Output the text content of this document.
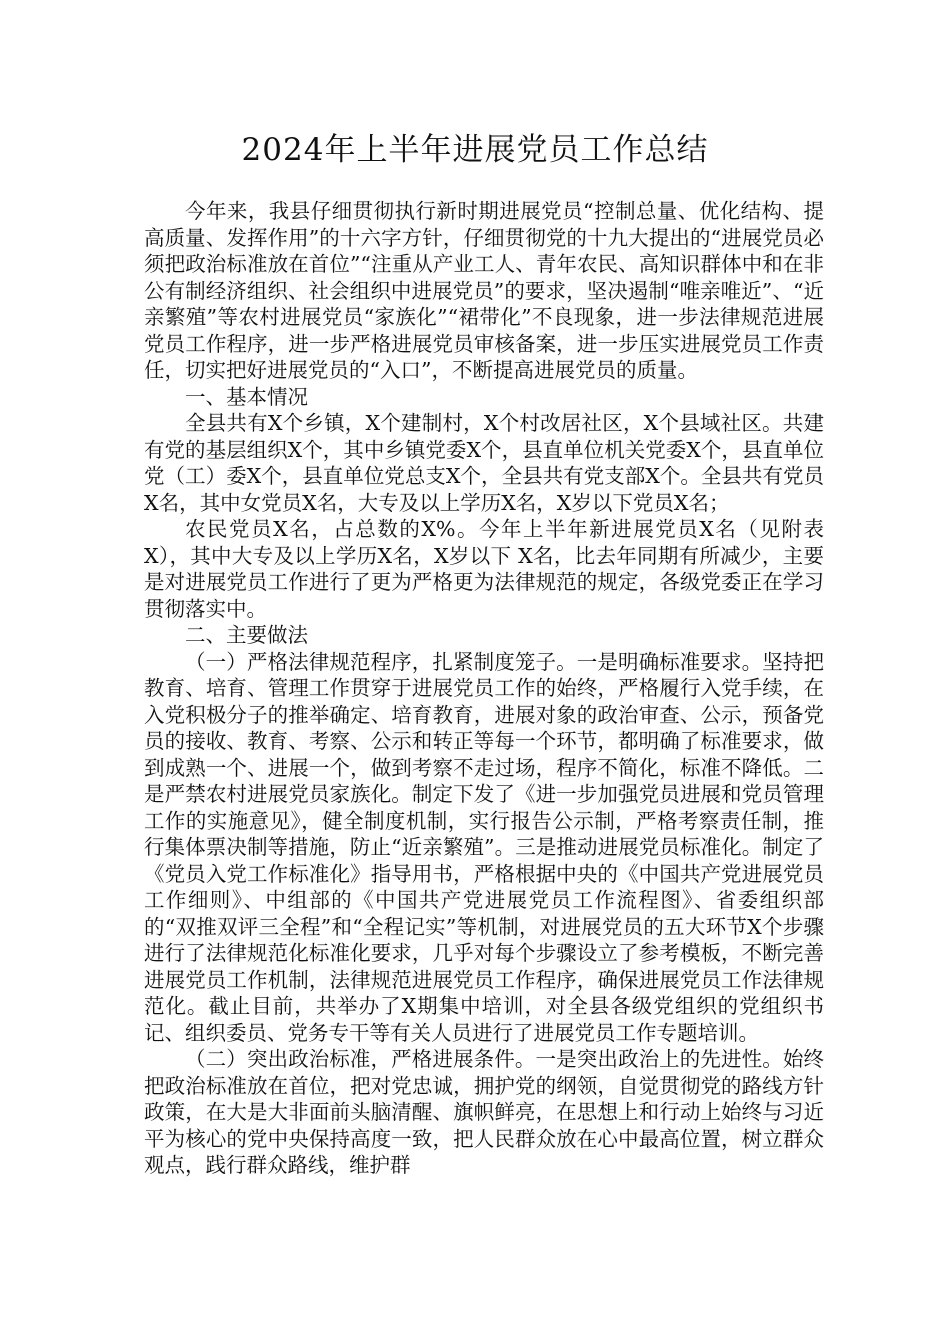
2024年上半年进展党员工作总结

今年来，我县仔细贯彻执行新时期进展党员“控制总量、优化结构、提高质量、发挥作用”的十六字方针，仔细贯彻党的十九大提出的“进展党员必须把政治标准放在首位”“注重从产业工人、青年农民、高知识群体中和在非公有制经济组织、社会组织中进展党员”的要求，坚决遏制“唯亲唯近”、“近亲繁殖”等农村进展党员“家族化”“裙带化”不良现象，进一步法律规范进展党员工作程序，进一步严格进展党员审核备案，进一步压实进展党员工作责任，切实把好进展党员的“入口”，不断提高进展党员的质量。

一、基本情况

全县共有X个乡镇，X个建制村，X个村改居社区，X个县域社区。共建有党的基层组织X个，其中乡镇党委X个，县直单位机关党委X个，县直单位党（工）委X个，县直单位党总支X个，全县共有党支部X个。全县共有党员X名，其中女党员X名，大专及以上学历X名，X岁以下党员X名；

农民党员X名，占总数的X%。今年上半年新进展党员X名（见附表X），其中大专及以上学历X名，X岁以下 X名，比去年同期有所减少，主要是对进展党员工作进行了更为严格更为法律规范的规定，各级党委正在学习贯彻落实中。

二、主要做法

（一）严格法律规范程序，扎紧制度笼子。一是明确标准要求。坚持把教育、培育、管理工作贯穿于进展党员工作的始终，严格履行入党手续，在入党积极分子的推举确定、培育教育，进展对象的政治审查、公示，预备党员的接收、教育、考察、公示和转正等每一个环节，都明确了标准要求，做到成熟一个、进展一个，做到考察不走过场，程序不简化，标准不降低。二是严禁农村进展党员家族化。制定下发了《进一步加强党员进展和党员管理工作的实施意见》，健全制度机制，实行报告公示制，严格考察责任制，推行集体票决制等措施，防止“近亲繁殖”。三是推动进展党员标准化。制定了《党员入党工作标准化》指导用书，严格根据中央的《中国共产党进展党员工作细则》、中组部的《中国共产党进展党员工作流程图》、省委组织部的“双推双评三全程”和“全程记实”等机制，对进展党员的五大环节X个步骤进行了法律规范化标准化要求，几乎对每个步骤设立了参考模板，不断完善进展党员工作机制，法律规范进展党员工作程序，确保进展党员工作法律规范化。截止目前，共举办了X期集中培训，对全县各级党组织的党组织书记、组织委员、党务专干等有关人员进行了进展党员工作专题培训。

（二）突出政治标准，严格进展条件。一是突出政治上的先进性。始终把政治标准放在首位，把对党忠诚，拥护党的纲领，自觉贯彻党的路线方针政策，在大是大非面前头脑清醒、旗帜鲜亮，在思想上和行动上始终与习近平为核心的党中央保持高度一致，把人民群众放在心中最高位置，树立群众观点，践行群众路线，维护群
